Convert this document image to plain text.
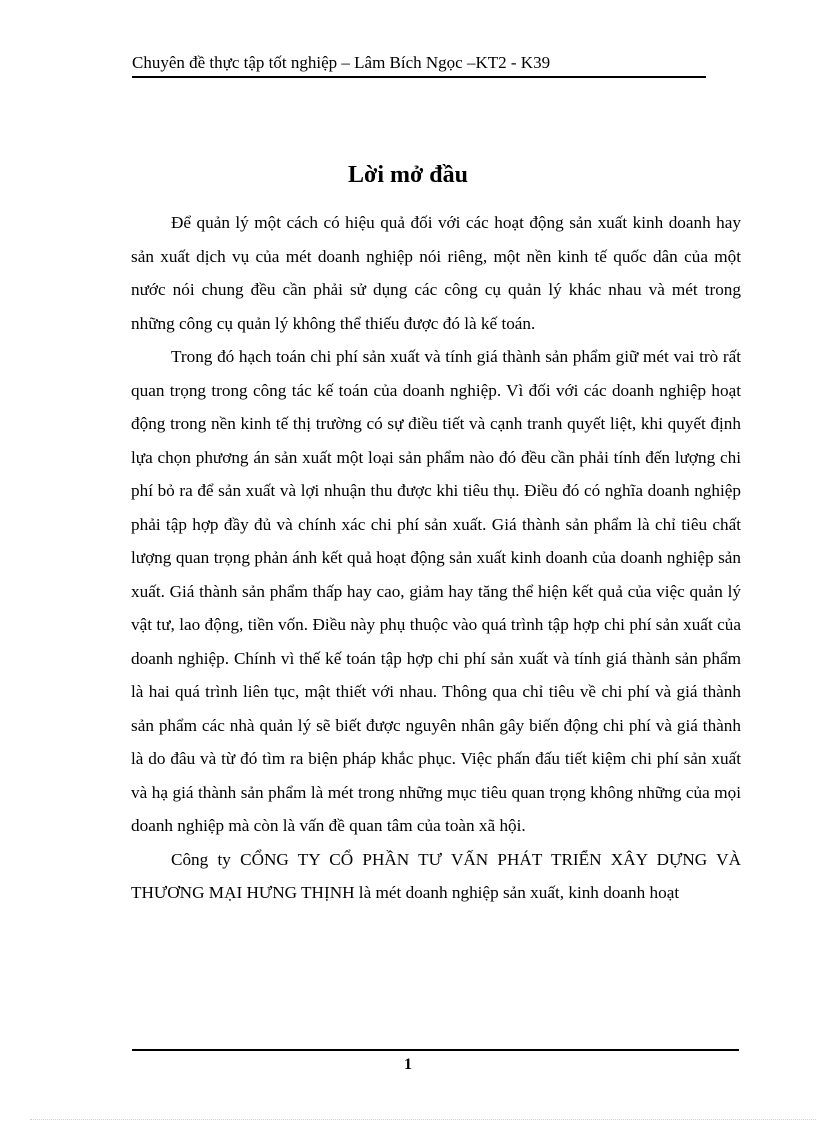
Chuyên đề thực tập tốt nghiệp – Lâm Bích Ngọc –KT2 - K39
Lời mở đầu

Để quản lý một cách có hiệu quả đối với các hoạt động sản xuất kinh doanh hay sản xuất dịch vụ của mét doanh nghiệp nói riêng, một nền kinh tế quốc dân của một nước nói chung đều cần phải sử dụng các công cụ quản lý khác nhau và mét trong những công cụ quản lý không thể thiếu được đó là kế toán.

Trong đó hạch toán chi phí sản xuất và tính giá thành sản phẩm giữ mét vai trò rất quan trọng trong công tác kế toán của doanh nghiệp. Vì đối với các doanh nghiệp hoạt động trong nền kinh tế thị trường có sự điều tiết và cạnh tranh quyết liệt, khi quyết định lựa chọn phương án sản xuất một loại sản phẩm nào đó đều cần phải tính đến lượng chi phí bỏ ra để sản xuất và lợi nhuận thu được khi tiêu thụ. Điều đó có nghĩa doanh nghiệp phải tập hợp đầy đủ và chính xác chi phí sản xuất. Giá thành sản phẩm là chỉ tiêu chất lượng quan trọng phản ánh kết quả hoạt động sản xuất kinh doanh của doanh nghiệp sản xuất. Giá thành sản phẩm thấp hay cao, giảm hay tăng thể hiện kết quả của việc quản lý vật tư, lao động, tiền vốn. Điều này phụ thuộc vào quá trình tập hợp chi phí sản xuất của doanh nghiệp. Chính vì thế kế toán tập hợp chi phí sản xuất và tính giá thành sản phẩm là hai quá trình liên tục, mật thiết với nhau. Thông qua chỉ tiêu về chi phí và giá thành sản phẩm các nhà quản lý sẽ biết được nguyên nhân gây biến động chi phí và giá thành là do đâu và từ đó tìm ra biện pháp khắc phục. Việc phấn đấu tiết kiệm chi phí sản xuất và hạ giá thành sản phẩm là mét trong những mục tiêu quan trọng không những của mọi doanh nghiệp mà còn là vấn đề quan tâm của toàn xã hội.

Công ty CỔNG TY CỔ PHẦN TƯ VẤN PHÁT TRIỂN XÂY DỰNG VÀ THƯƠNG MẠI HƯNG THỊNH là mét doanh nghiệp sản xuất, kinh doanh hoạt

1
